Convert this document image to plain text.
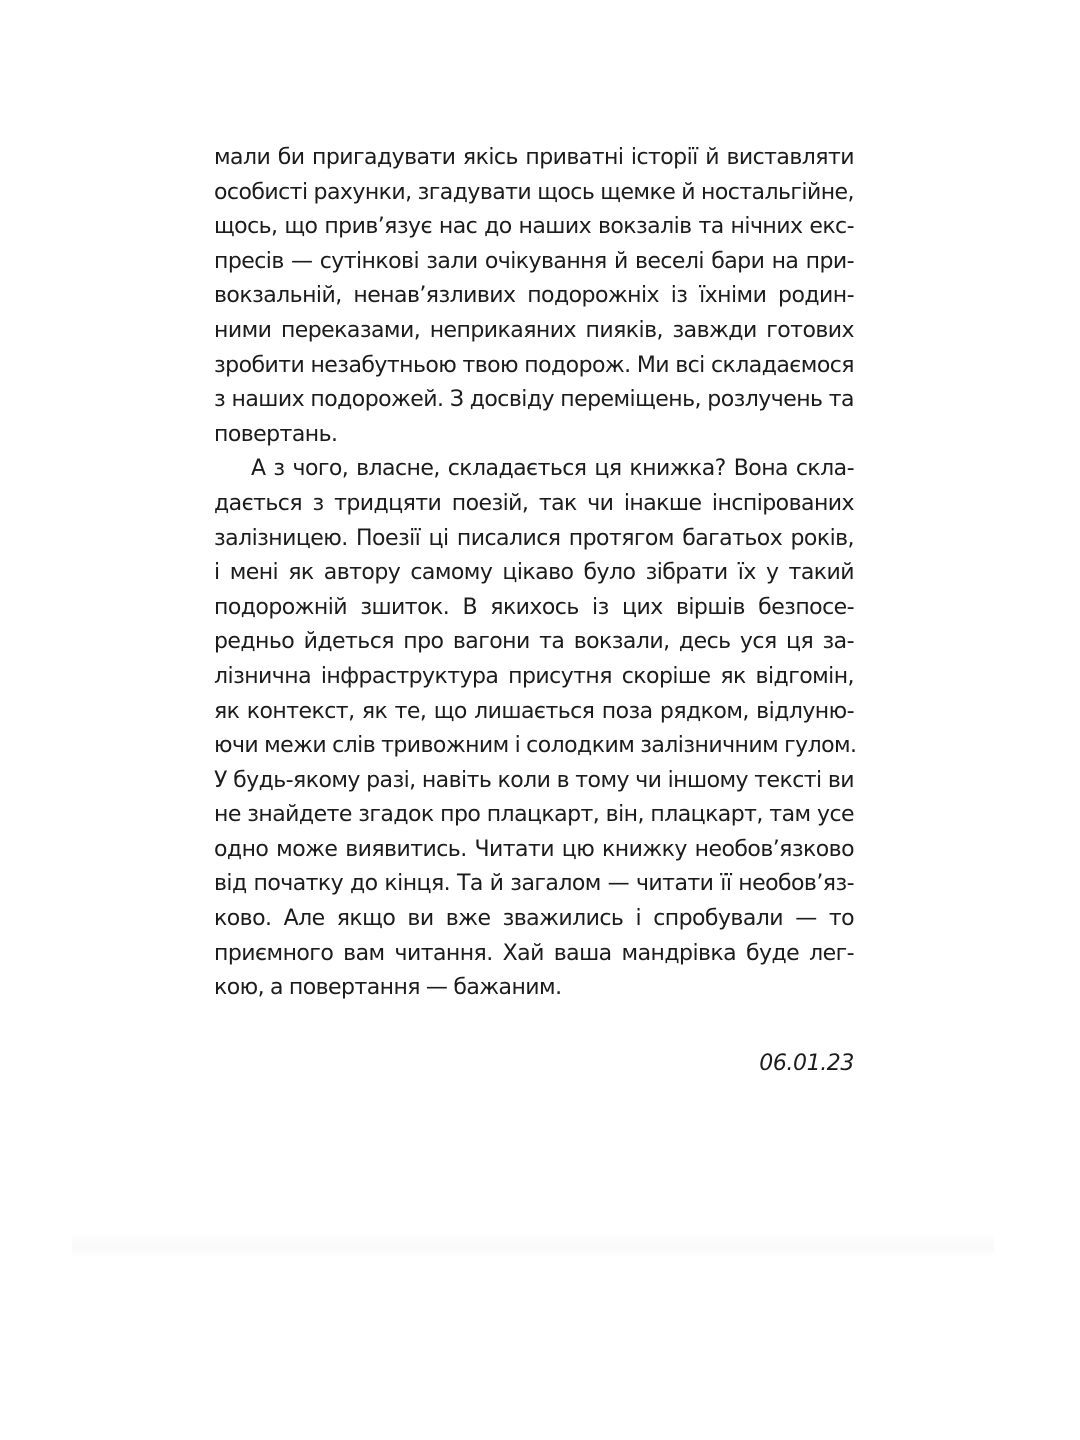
мали би пригадувати якісь приватні історії й виставляти
особисті рахунки, згадувати щось щемке й ностальгійне,
щось, що прив’язує нас до наших вокзалів та нічних екс-
пресів — сутінкові зали очікування й веселі бари на при-
вокзальній, ненав’язливих подорожніх із їхніми родин-
ними переказами, неприкаяних пияків, завжди готових
зробити незабутньою твою подорож. Ми всі складаємося
з наших подорожей. З досвіду переміщень, розлучень та
повертань.
А з чого, власне, складається ця книжка? Вона скла-
дається з тридцяти поезій, так чи інакше інспірованих
залізницею. Поезії ці писалися протягом багатьох років,
і мені як автору самому цікаво було зібрати їх у такий
подорожній зшиток. В якихось із цих віршів безпосе-
редньо йдеться про вагони та вокзали, десь уся ця за-
лізнична інфраструктура присутня скоріше як відгомін,
як контекст, як те, що лишається поза рядком, відлуню-
ючи межи слів тривожним і солодким залізничним гулом.
У будь-якому разі, навіть коли в тому чи іншому тексті ви
не знайдете згадок про плацкарт, він, плацкарт, там усе
одно може виявитись. Читати цю книжку необов’язково
від початку до кінця. Та й загалом — читати її необов’яз-
ково. Але якщо ви вже зважились і спробували — то
приємного вам читання. Хай ваша мандрівка буде лег-
кою, а повертання — бажаним.
06.01.23
